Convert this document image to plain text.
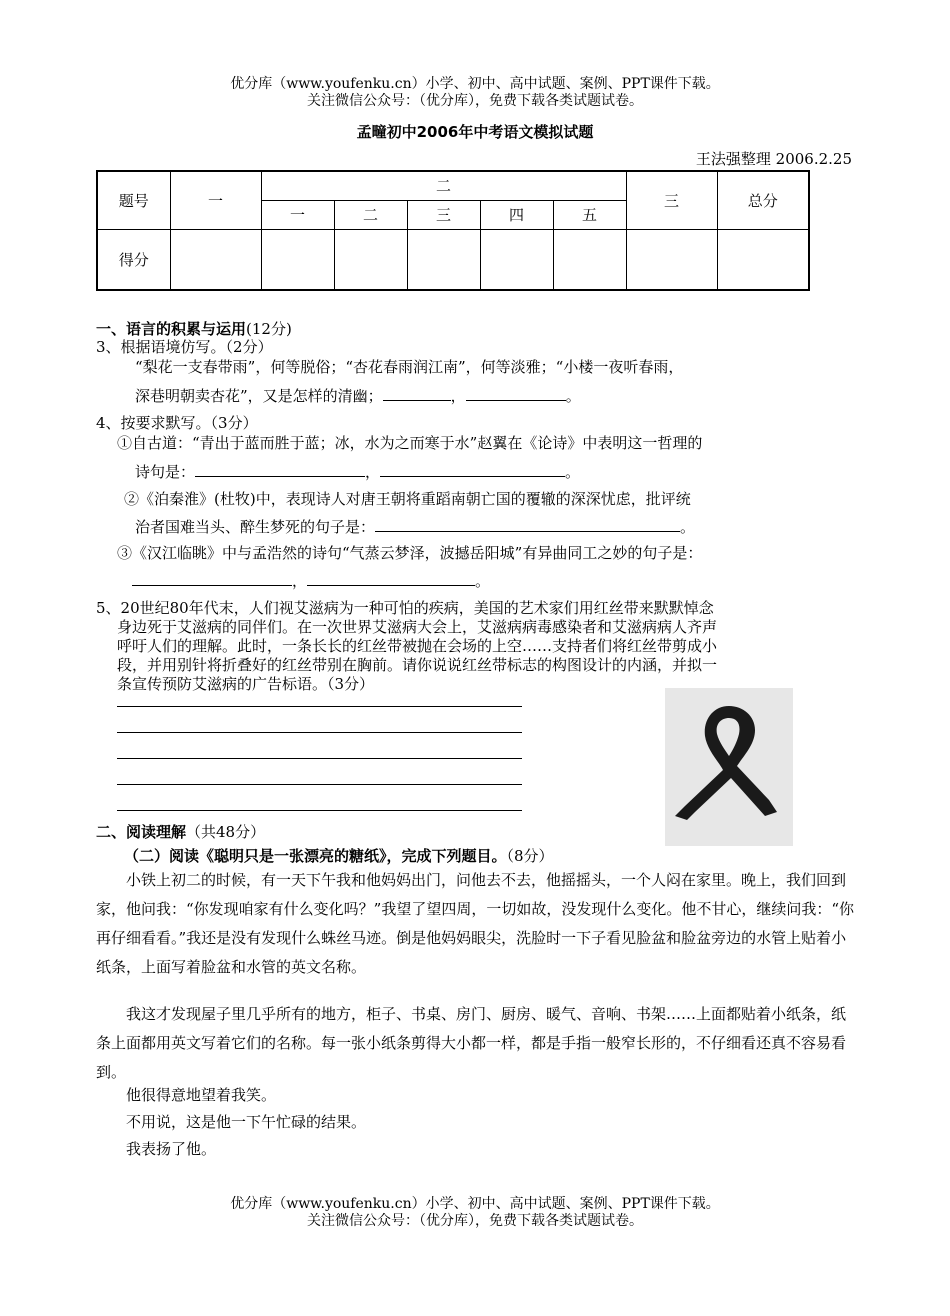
优分库（www.youfenku.cn）小学、初中、高中试题、案例、PPT课件下载。
关注微信公众号：（优分库），免费下载各类试题试卷。
孟疃初中2006年中考语文模拟试题
王法强整理 2006.2.25
题号	一	二					三	总分
		一	二	三	四	五		
得分								
一、语言的积累与运用(12分)
3、根据语境仿写。（2分）
“梨花一支春带雨”，何等脱俗；“杏花春雨润江南”，何等淡雅；“小楼一夜听春雨，
深巷明朝卖杏花”，又是怎样的清幽；	，	。
4、按要求默写。（3分）
①自古道：“青出于蓝而胜于蓝；冰，水为之而寒于水”赵翼在《论诗》中表明这一哲理的
诗句是：	，	。
②《泊秦淮》(杜牧)中，表现诗人对唐王朝将重蹈南朝亡国的覆辙的深深忧虑，批评统
治者国难当头、醉生梦死的句子是：	。
③《汉江临眺》中与孟浩然的诗句“气蒸云梦泽，波撼岳阳城”有异曲同工之妙的句子是：
，	。
5、20世纪80年代末，人们视艾滋病为一种可怕的疾病，美国的艺术家们用红丝带来默默悼念
身边死于艾滋病的同伴们。在一次世界艾滋病大会上，艾滋病病毒感染者和艾滋病病人齐声
呼吁人们的理解。此时，一条长长的红丝带被抛在会场的上空……支持者们将红丝带剪成小
段，并用别针将折叠好的红丝带别在胸前。请你说说红丝带标志的构图设计的内涵，并拟一
条宣传预防艾滋病的广告标语。（3分）
二、阅读理解（共48分）
（二）阅读《聪明只是一张漂亮的糖纸》，完成下列题目。（8分）
小铁上初二的时候，有一天下午我和他妈妈出门，问他去不去，他摇摇头，一个人闷在家里。晚上，我们回到家，他问我：“你发现咱家有什么变化吗？”我望了望四周，一切如故，没发现什么变化。他不甘心，继续问我：“你再仔细看看。”我还是没有发现什么蛛丝马迹。倒是他妈妈眼尖，洗脸时一下子看见脸盆和脸盆旁边的水管上贴着小纸条，上面写着脸盆和水管的英文名称。
我这才发现屋子里几乎所有的地方，柜子、书桌、房门、厨房、暖气、音响、书架……上面都贴着小纸条，纸条上面都用英文写着它们的名称。每一张小纸条剪得大小都一样，都是手指一般窄长形的，不仔细看还真不容易看到。
他很得意地望着我笑。
不用说，这是他一下午忙碌的结果。
我表扬了他。
优分库（www.youfenku.cn）小学、初中、高中试题、案例、PPT课件下载。
关注微信公众号：（优分库），免费下载各类试题试卷。
